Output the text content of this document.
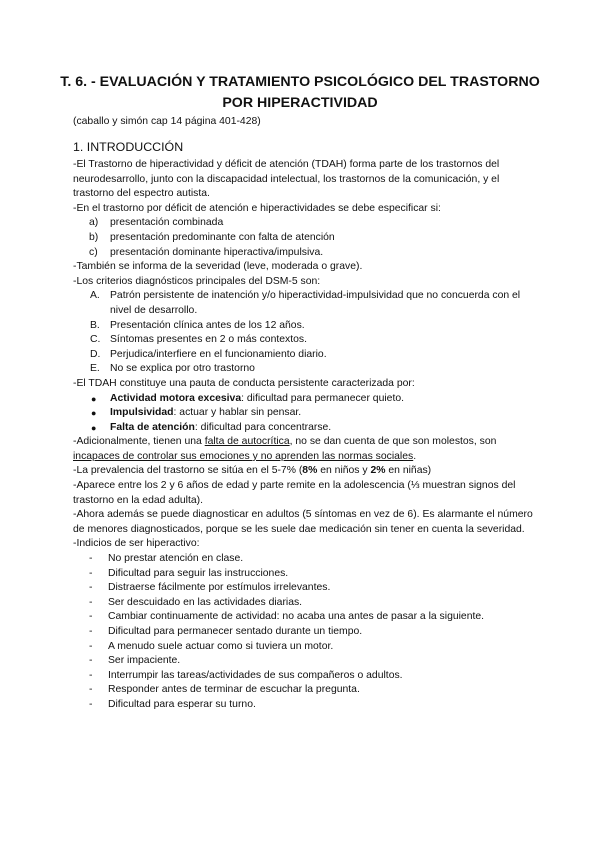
T. 6. - EVALUACIÓN Y TRATAMIENTO PSICOLÓGICO DEL TRASTORNO POR HIPERACTIVIDAD
(caballo y simón cap 14 página 401-428)
1. INTRODUCCIÓN

-El Trastorno de hiperactividad y déficit de atención (TDAH) forma parte de los trastornos del neurodesarrollo, junto con la discapacidad intelectual, los trastornos de la comunicación, y el trastorno del espectro autista.

-En el trastorno por déficit de atención e hiperactividades se debe especificar si:

a) presentación combinada
b) presentación predominante con falta de atención
c) presentación dominante hiperactiva/impulsiva.

-También se informa de la severidad (leve, moderada o grave).

-Los criterios diagnósticos principales del DSM-5 son:

A. Patrón persistente de inatención y/o hiperactividad-impulsividad que no concuerda con el nivel de desarrollo.
B. Presentación clínica antes de los 12 años.
C. Síntomas presentes en 2 o más contextos.
D. Perjudica/interfiere en el funcionamiento diario.
E. No se explica por otro trastorno

-El TDAH constituye una pauta de conducta persistente caracterizada por:

● Actividad motora excesiva: dificultad para permanecer quieto.
● Impulsividad: actuar y hablar sin pensar.
● Falta de atención: dificultad para concentrarse.

-Adicionalmente, tienen una falta de autocrítica, no se dan cuenta de que son molestos, son incapaces de controlar sus emociones y no aprenden las normas sociales.

-La prevalencia del trastorno se sitúa en el 5-7% (8% en niños y 2% en niñas)

-Aparece entre los 2 y 6 años de edad y parte remite en la adolescencia (⅓ muestran signos del trastorno en la edad adulta).

-Ahora además se puede diagnosticar en adultos (5 síntomas en vez de 6). Es alarmante el número de menores diagnosticados, porque se les suele dae medicación sin tener en cuenta la severidad.

-Indicios de ser hiperactivo:

- No prestar atención en clase.
- Dificultad para seguir las instrucciones.
- Distraerse fácilmente por estímulos irrelevantes.
- Ser descuidado en las actividades diarias.
- Cambiar continuamente de actividad: no acaba una antes de pasar a la siguiente.
- Dificultad para permanecer sentado durante un tiempo.
- A menudo suele actuar como si tuviera un motor.
- Ser impaciente.
- Interrumpir las tareas/actividades de sus compañeros o adultos.
- Responder antes de terminar de escuchar la pregunta.
- Dificultad para esperar su turno.
